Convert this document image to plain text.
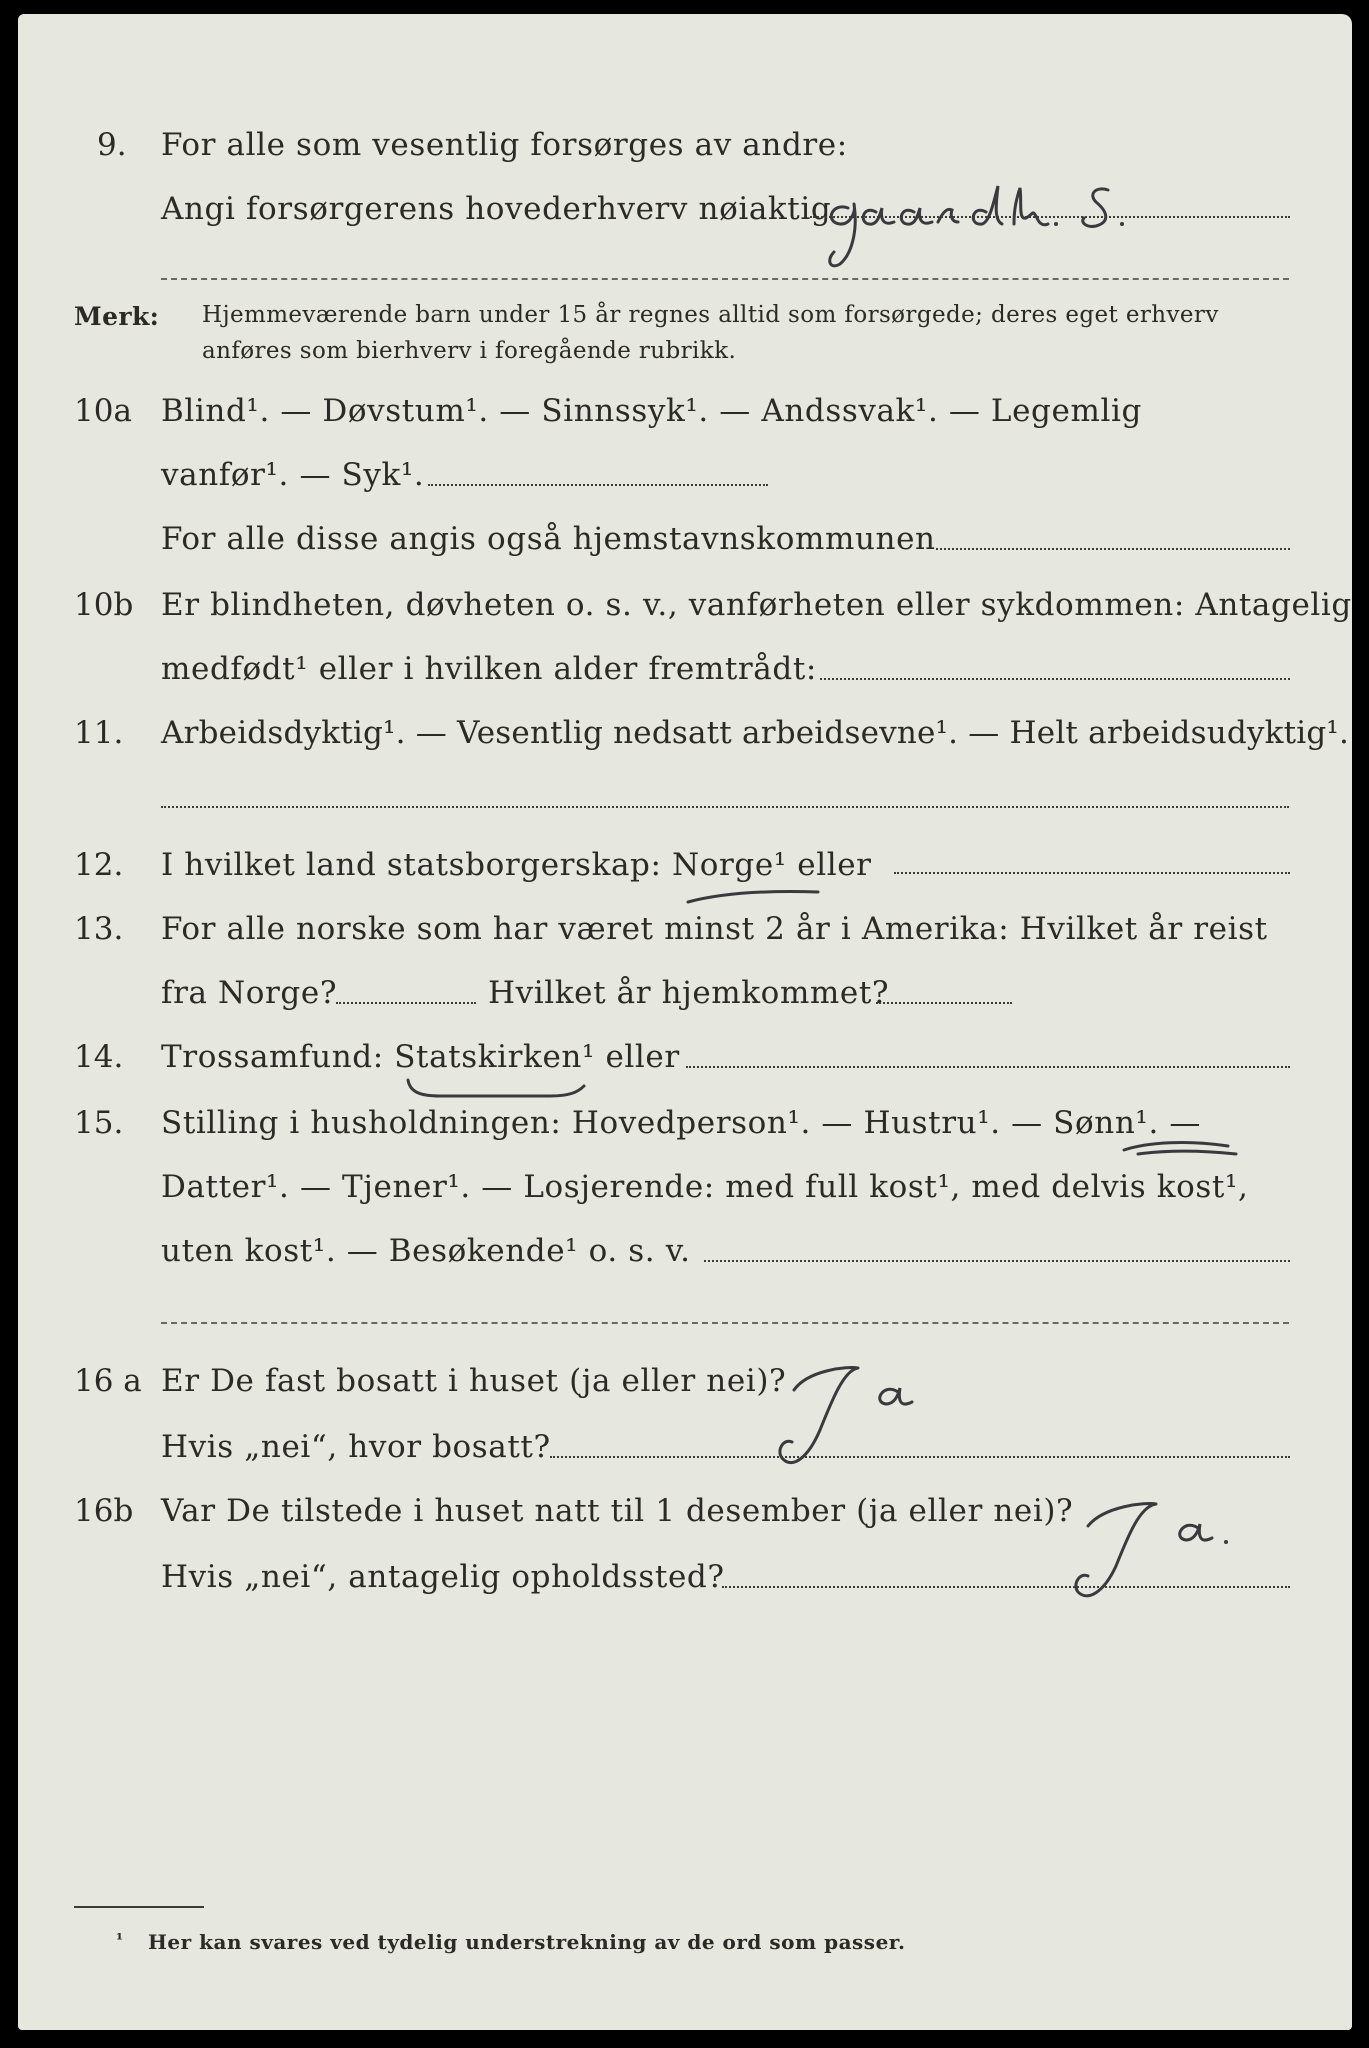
9. For alle som vesentlig forsørges av andre:
Angi forsørgerens hovederhverv nøiaktig
Merk: Hjemmeværende barn under 15 år regnes alltid som forsørgede; deres eget erhverv
anføres som bierhverv i foregående rubrikk.
10a Blind¹. — Døvstum¹. — Sinnssyk¹. — Andssvak¹. — Legemlig
vanfør¹. — Syk¹.
For alle disse angis også hjemstavnskommunen
10b Er blindheten, døvheten o. s. v., vanførheten eller sykdommen: Antagelig
medfødt¹ eller i hvilken alder fremtrådt:
11. Arbeidsdyktig¹. — Vesentlig nedsatt arbeidsevne¹. — Helt arbeidsudyktig¹.
12. I hvilket land statsborgerskap: Norge¹ eller
13. For alle norske som har været minst 2 år i Amerika: Hvilket år reist
fra Norge?	Hvilket år hjemkommet?
14. Trossamfund: Statskirken¹ eller
15. Stilling i husholdningen: Hovedperson¹. — Hustru¹. — Sønn¹. —
Datter¹. — Tjener¹. — Losjerende: med full kost¹, med delvis kost¹,
uten kost¹. — Besøkende¹ o. s. v.
16 a Er De fast bosatt i huset (ja eller nei)?
Hvis „nei“, hvor bosatt?
16b Var De tilstede i huset natt til 1 desember (ja eller nei)?
Hvis „nei“, antagelig opholdssted?
¹ Her kan svares ved tydelig understrekning av de ord som passer.
